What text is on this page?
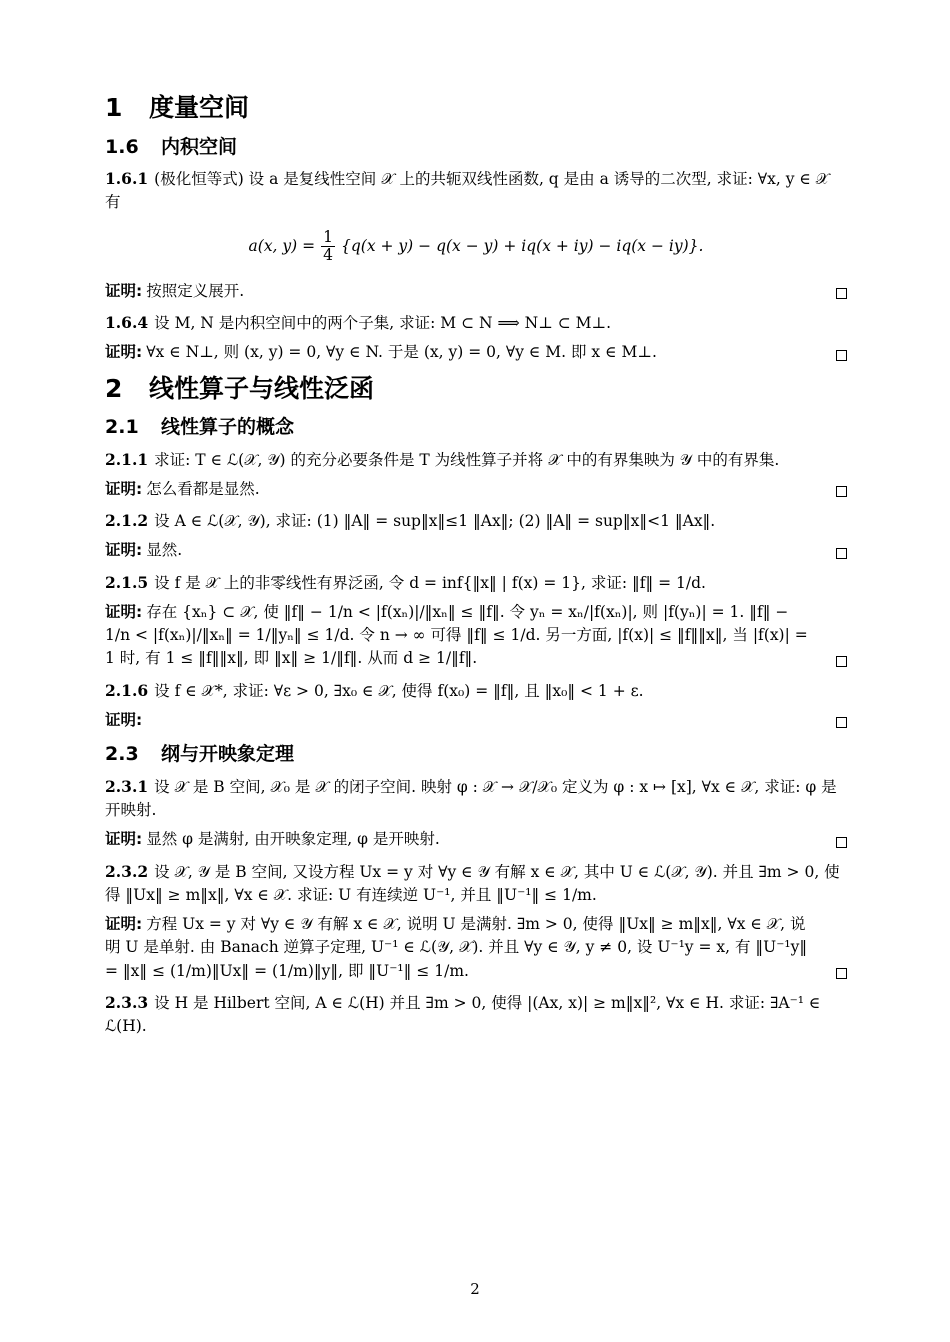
1 度量空间
1.6 内积空间

1.6.1 (极化恒等式) 设 a 是复线性空间 𝒳 上的共轭双线性函数, q 是由 a 诱导的二次型, 求证: ∀x, y ∈ 𝒳 有

a(x, $y) = \frac{1}{4} \{q(x + y) - q(x - y) + iq(x + iy) - iq(x - iy)\}$.
证明: 按照定义展开.

1.6.4 设 M, N 是内积空间中的两个子集, 求证: M ⊂ N ⟹ N⊥ ⊂ M⊥.

证明: ∀x ∈ N⊥, 则 (x, y) = 0, ∀y ∈ N. 于是 (x, y) = 0, ∀y ∈ M. 即 x ∈ M⊥.
2 线性算子与线性泛函
2.1 线性算子的概念

2.1.1 求证: T ∈ ℒ(𝒳, 𝒴) 的充分必要条件是 T 为线性算子并将 𝒳 中的有界集映为 𝒴 中的有界集.

证明: 怎么看都是显然.

2.1.2 设 A ∈ ℒ(𝒳, 𝒴), 求证: (1) ‖A‖ = sup‖x‖≤1 ‖Ax‖; (2) ‖A‖ = sup‖x‖<1 ‖Ax‖.

证明: 显然.

2.1.5 设 f 是 𝒳 上的非零线性有界泛函, 令 d = inf{‖x‖ | f(x) = 1}, 求证: ‖f‖ = 1/d.

证明: 存在 {xₙ} ⊂ 𝒳, 使 ‖f‖ − 1/n < |f(xₙ)|/‖xₙ‖ ≤ ‖f‖. 令 yₙ = xₙ/|f(xₙ)|, 则 |f(yₙ)| = 1. ‖f‖ − 1/n < |f(xₙ)|/‖xₙ‖ = 1/‖yₙ‖ ≤ 1/d. 令 n → ∞ 可得 ‖f‖ ≤ 1/d. 另一方面, |f(x)| ≤ ‖f‖‖x‖, 当 |f(x)| = 1 时, 有 1 ≤ ‖f‖‖x‖, 即 ‖x‖ ≥ 1/‖f‖. 从而 d ≥ 1/‖f‖.

2.1.6 设 f ∈ 𝒳*, 求证: ∀ε > 0, ∃x₀ ∈ 𝒳, 使得 f(x₀) = ‖f‖, 且 ‖x₀‖ < 1 + ε.

证明:
2.3 纲与开映象定理

2.3.1 设 𝒳 是 B 空间, 𝒳₀ 是 𝒳 的闭子空间. 映射 φ : 𝒳 → 𝒳/𝒳₀ 定义为 φ : x ↦ [x], ∀x ∈ 𝒳, 求证: φ 是开映射.

证明: 显然 φ 是满射, 由开映象定理, φ 是开映射.

2.3.2 设 𝒳, 𝒴 是 B 空间, 又设方程 Ux = y 对 ∀y ∈ 𝒴 有解 x ∈ 𝒳, 其中 U ∈ ℒ(𝒳, 𝒴). 并且 ∃m > 0, 使得 ‖Ux‖ ≥ m‖x‖, ∀x ∈ 𝒳. 求证: U 有连续逆 U⁻¹, 并且 ‖U⁻¹‖ ≤ 1/m.

证明: 方程 Ux = y 对 ∀y ∈ 𝒴 有解 x ∈ 𝒳, 说明 U 是满射. ∃m > 0, 使得 ‖Ux‖ ≥ m‖x‖, ∀x ∈ 𝒳, 说明 U 是单射. 由 Banach 逆算子定理, U⁻¹ ∈ ℒ(𝒴, 𝒳). 并且 ∀y ∈ 𝒴, y ≠ 0, 设 U⁻¹y = x, 有 ‖U⁻¹y‖ = ‖x‖ ≤ (1/m)‖Ux‖ = (1/m)‖y‖, 即 ‖U⁻¹‖ ≤ 1/m.

2.3.3 设 H 是 Hilbert 空间, A ∈ ℒ(H) 并且 ∃m > 0, 使得 |(Ax, x)| ≥ m‖x‖², ∀x ∈ H. 求证: ∃A⁻¹ ∈ ℒ(H).

2
